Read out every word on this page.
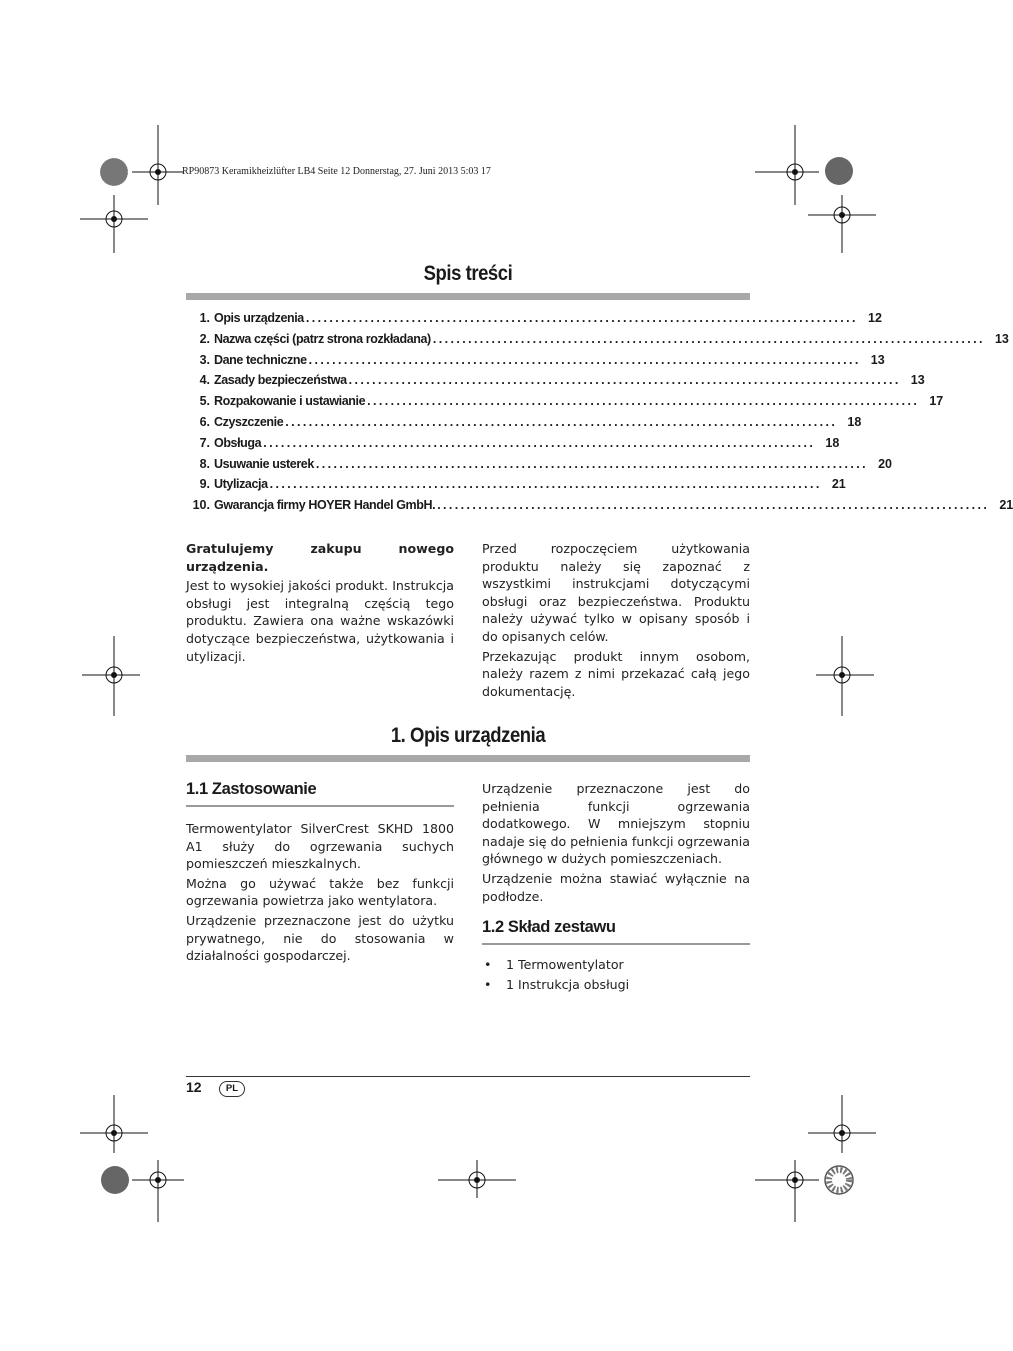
RP90873 Keramikheizlüfter LB4 Seite 12 Donnerstag, 27. Juni 2013 5:03 17
Spis treści
1. Opis urządzenia .............................................................................................. 12
2. Nazwa części (patrz strona rozkładana) .............................................................................................. 13
3. Dane techniczne .............................................................................................. 13
4. Zasady bezpieczeństwa .............................................................................................. 13
5. Rozpakowanie i ustawianie .............................................................................................. 17
6. Czyszczenie .............................................................................................. 18
7. Obsługa .............................................................................................. 18
8. Usuwanie usterek .............................................................................................. 20
9. Utylizacja .............................................................................................. 21
10. Gwarancja firmy HOYER Handel GmbH. .............................................................................................. 21

Gratulujemy zakupu nowego urządzenia.

Jest to wysokiej jakości produkt. Instrukcja obsługi jest integralną częścią tego produktu. Zawiera ona ważne wskazówki dotyczące bezpieczeństwa, użytkowania i utylizacji.

Przed rozpoczęciem użytkowania produktu należy się zapoznać z wszystkimi instrukcjami dotyczącymi obsługi oraz bezpieczeństwa. Produktu należy używać tylko w opisany sposób i do opisanych celów.

Przekazując produkt innym osobom, należy razem z nimi przekazać całą jego dokumentację.

1. Opis urządzenia
1.1 Zastosowanie

Termowentylator SilverCrest SKHD 1800 A1 służy do ogrzewania suchych pomieszczeń mieszkalnych.

Można go używać także bez funkcji ogrzewania powietrza jako wentylatora.

Urządzenie przeznaczone jest do użytku prywatnego, nie do stosowania w działalności gospodarczej.

Urządzenie przeznaczone jest do pełnienia funkcji ogrzewania dodatkowego. W mniejszym stopniu nadaje się do pełnienia funkcji ogrzewania głównego w dużych pomieszczeniach.

Urządzenie można stawiać wyłącznie na podłodze.

1.2 Skład zestawu
• 1 Termowentylator
• 1 Instrukcja obsługi
12	PL
